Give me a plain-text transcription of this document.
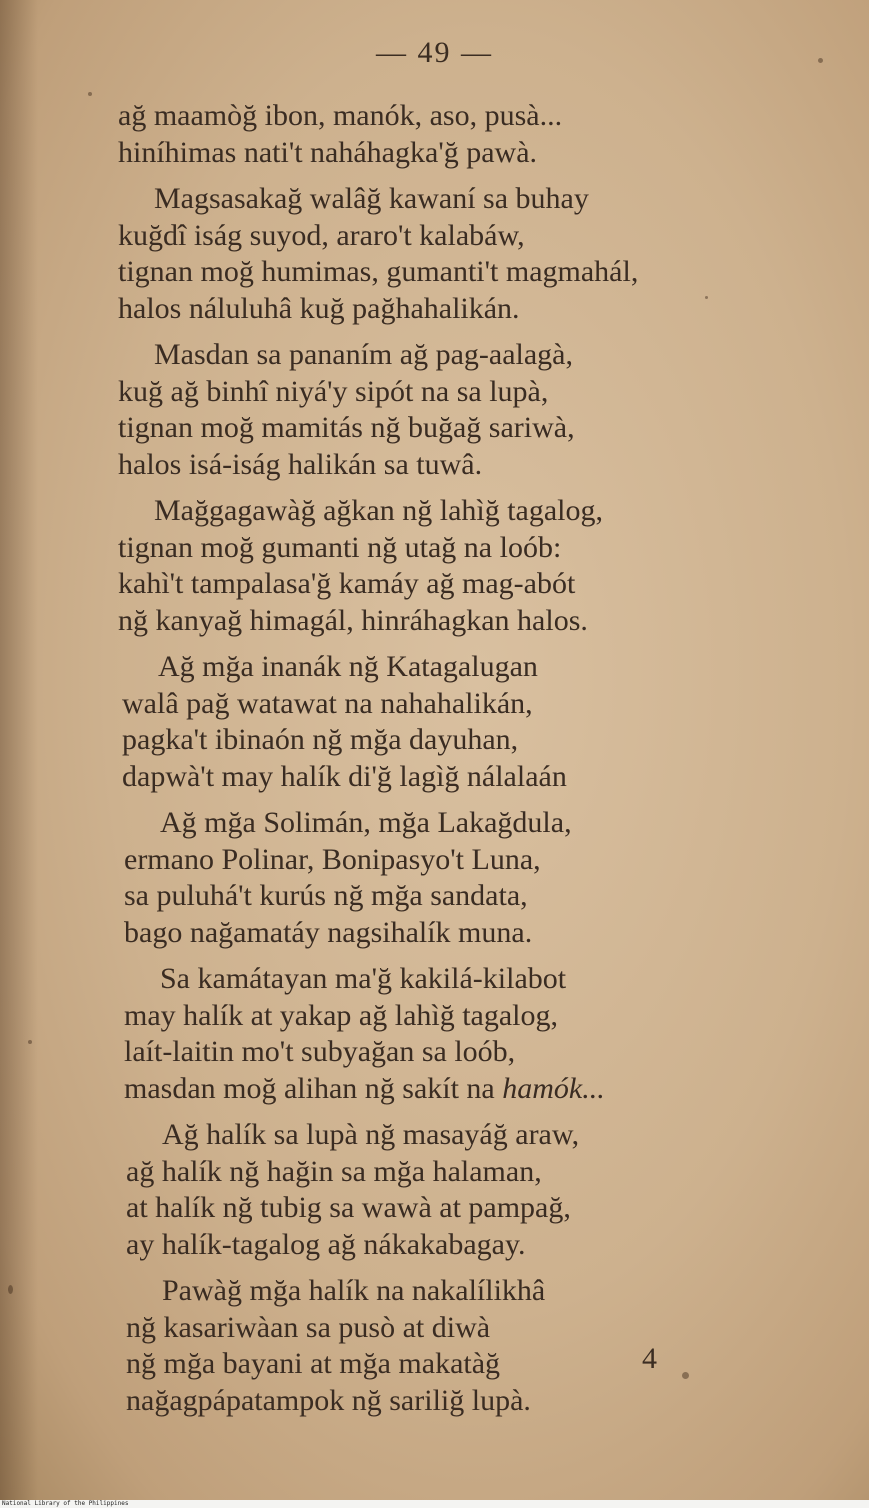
— 49 —
ağ maamòğ ibon, manók, aso, pusà...
hiníhimas nati't naháhagka'ğ pawà.
Magsasakağ walâğ kawaní sa buhay
kuğdî iság suyod, araro't kalabáw,
tignan moğ humimas, gumanti't magmahál,
halos náluluhâ kuğ pağhahalikán.
Masdan sa pananím ağ pag-aalagà,
kuğ ağ binhî niyá'y sipót na sa lupà,
tignan moğ mamitás nğ buğağ sariwà,
halos isá-iság halikán sa tuwâ.
Mağgagawàğ ağkan nğ lahìğ tagalog,
tignan moğ gumanti nğ utağ na loób:
kahì't tampalasa'ğ kamáy ağ mag-abót
nğ kanyağ himagál, hinráhagkan halos.
Ağ mğa inanák nğ Katagalugan
walâ pağ watawat na nahahalikán,
pagka't ibinaón nğ mğa dayuhan,
dapwà't may halík di'ğ lagìğ nálalaán
Ağ mğa Solimán, mğa Lakağdula,
ermano Polinar, Bonipasyo't Luna,
sa puluhá't kurús nğ mğa sandata,
bago nağamatáy nagsihalík muna.
Sa kamátayan ma'ğ kakilá-kilabot
may halík at yakap ağ lahìğ tagalog,
laít-laitin mo't subyağan sa loób,
masdan moğ alihan nğ sakít na hamók...
Ağ halík sa lupà nğ masayáğ araw,
ağ halík nğ hağin sa mğa halaman,
at halík nğ tubig sa wawà at pampağ,
ay halík-tagalog ağ nákakabagay.
Pawàğ mğa halík na nakalílikhâ
nğ kasariwàan sa pusò at diwà
nğ mğa bayani at mğa makatàğ
nağagpápatampok nğ sariliğ lupà.
4
National Library of the Philippines
